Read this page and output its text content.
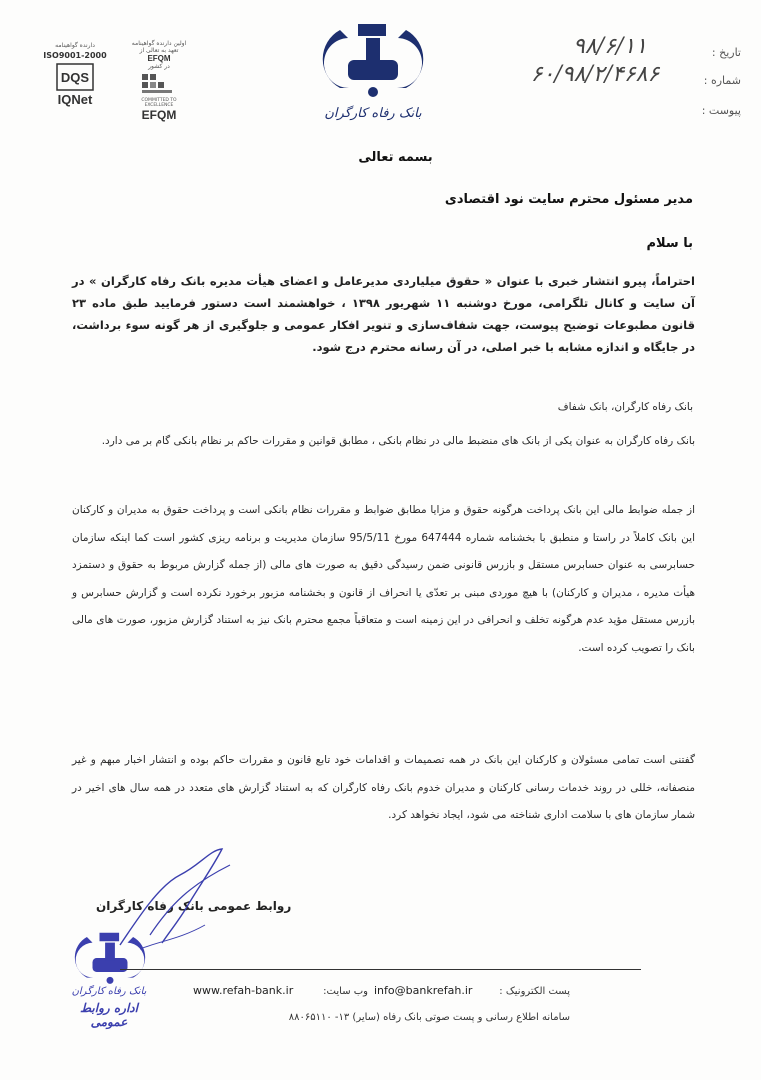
دارنده گواهینامه
ISO9001-2000
DQS
IQNet
اولین دارنده گواهینامه
تعهد به تعالی از
EFQM
در کشور
COMMITTED TO
EXCELLENCE
EFQM	بانک رفاه کارگران
تاریخ :
۹۸/۶/۱۱
شماره :
۶۰/۹۸/۲/۴۶۸۶
پیوست :
بسمه تعالی
مدیر مسئول محترم سایت نود اقتصادی
با سلام
احتراماً، پیرو انتشار خبری با عنوان « حقوق میلیاردی مدیرعامل و اعضای هیأت مدیره بانک رفاه کارگران » در آن سایت و کانال تلگرامی، مورخ دوشنبه ۱۱ شهریور ۱۳۹۸ ، خواهشمند است دستور فرمایید طبق ماده ۲۳ قانون مطبوعات توضیح پیوست، جهت شفاف‌سازی و تنویر افکار عمومی و جلوگیری از هر گونه سوء برداشت، در جایگاه و اندازه مشابه با خبر اصلی، در آن رسانه محترم درج شود.
بانک رفاه کارگران، بانک شفاف
بانک رفاه کارگران به عنوان یکی از بانک های منضبط مالی در نظام بانکی ، مطابق قوانین و مقررات حاکم بر نظام بانکی گام بر می دارد.
از جمله ضوابط مالی این بانک پرداخت هرگونه حقوق و مزایا مطابق ضوابط و مقررات نظام بانکی است و پرداخت حقوق به مدیران و کارکنان این بانک کاملاً در راستا و منطبق با بخشنامه شماره 647444 مورخ 95/5/11 سازمان مدیریت و برنامه ریزی کشور است کما اینکه سازمان حسابرسی به عنوان حسابرس مستقل و بازرس قانونی ضمن رسیدگی دقیق به صورت های مالی (از جمله گزارش مربوط به حقوق و دستمزد هیأت مدیره ، مدیران و کارکنان) با هیچ موردی مبنی بر تعدّی یا انحراف از قانون و بخشنامه مزبور برخورد نکرده است و گزارش حسابرس و بازرس مستقل مؤید عدم هرگونه تخلف و انحرافی در این زمینه است و متعاقباً مجمع محترم بانک نیز به استناد گزارش مزبور، صورت های مالی بانک را تصویب کرده است.
گفتنی است تمامی مسئولان و کارکنان این بانک در همه تصمیمات و اقدامات خود تابع قانون و مقررات حاکم بوده و انتشار اخبار مبهم و غیر منصفانه، خللی در روند خدمات رسانی کارکنان و مدیران خدوم بانک رفاه کارگران که به استناد گزارش های متعدد در همه سال های اخیر در شمار سازمان های با سلامت اداری شناخته می شود، ایجاد نخواهد کرد.
روابط عمومی بانک رفاه کارگران
بانک رفاه کارگران
اداره روابط عمومی
پست الکترونیک :
info@bankrefah.ir
وب سایت:
www.refah-bank.ir
سامانه اطلاع رسانی و پست صوتی بانک رفاه (سایر) ۱۳- ۸۸۰۶۵۱۱۰
